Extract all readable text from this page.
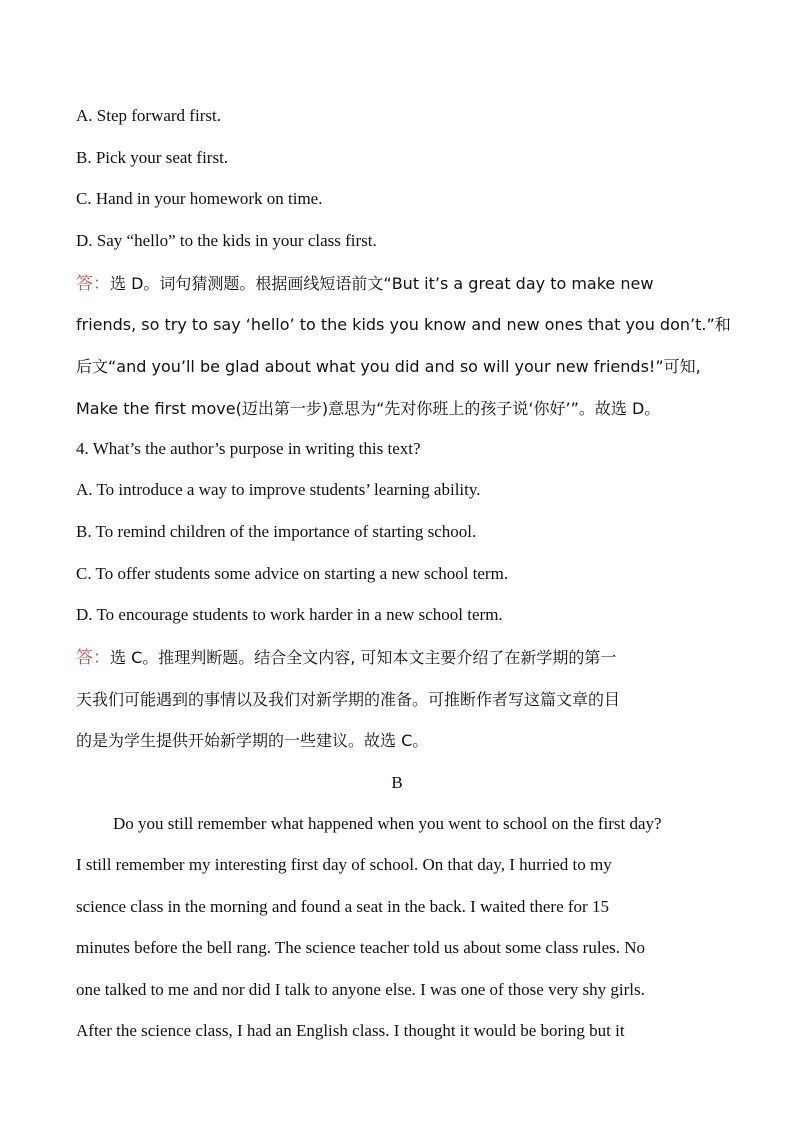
A. Step forward first.
B. Pick your seat first.
C. Hand in your homework on time.
D. Say “hello” to the kids in your class first.
答：选 D。词句猜测题。根据画线短语前文“But it’s a great day to make new
friends, so try to say ‘hello’ to the kids you know and new ones that you don’t.”和
后文“and you’ll be glad about what you did and so will your new friends!”可知,
Make the first move(迈出第一步)意思为“先对你班上的孩子说‘你好’”。故选 D。
4. What’s the author’s purpose in writing this text?
A. To introduce a way to improve students’ learning ability.
B. To remind children of the importance of starting school.
C. To offer students some advice on starting a new school term.
D. To encourage students to work harder in a new school term.
答：选 C。推理判断题。结合全文内容, 可知本文主要介绍了在新学期的第一
天我们可能遇到的事情以及我们对新学期的准备。可推断作者写这篇文章的目
的是为学生提供开始新学期的一些建议。故选 C。
B
Do you still remember what happened when you went to school on the first day?
I still remember my interesting first day of school. On that day, I hurried to my
science class in the morning and found a seat in the back. I waited there for 15
minutes before the bell rang. The science teacher told us about some class rules. No
one talked to me and nor did I talk to anyone else. I was one of those very shy girls.
After the science class, I had an English class. I thought it would be boring but it
